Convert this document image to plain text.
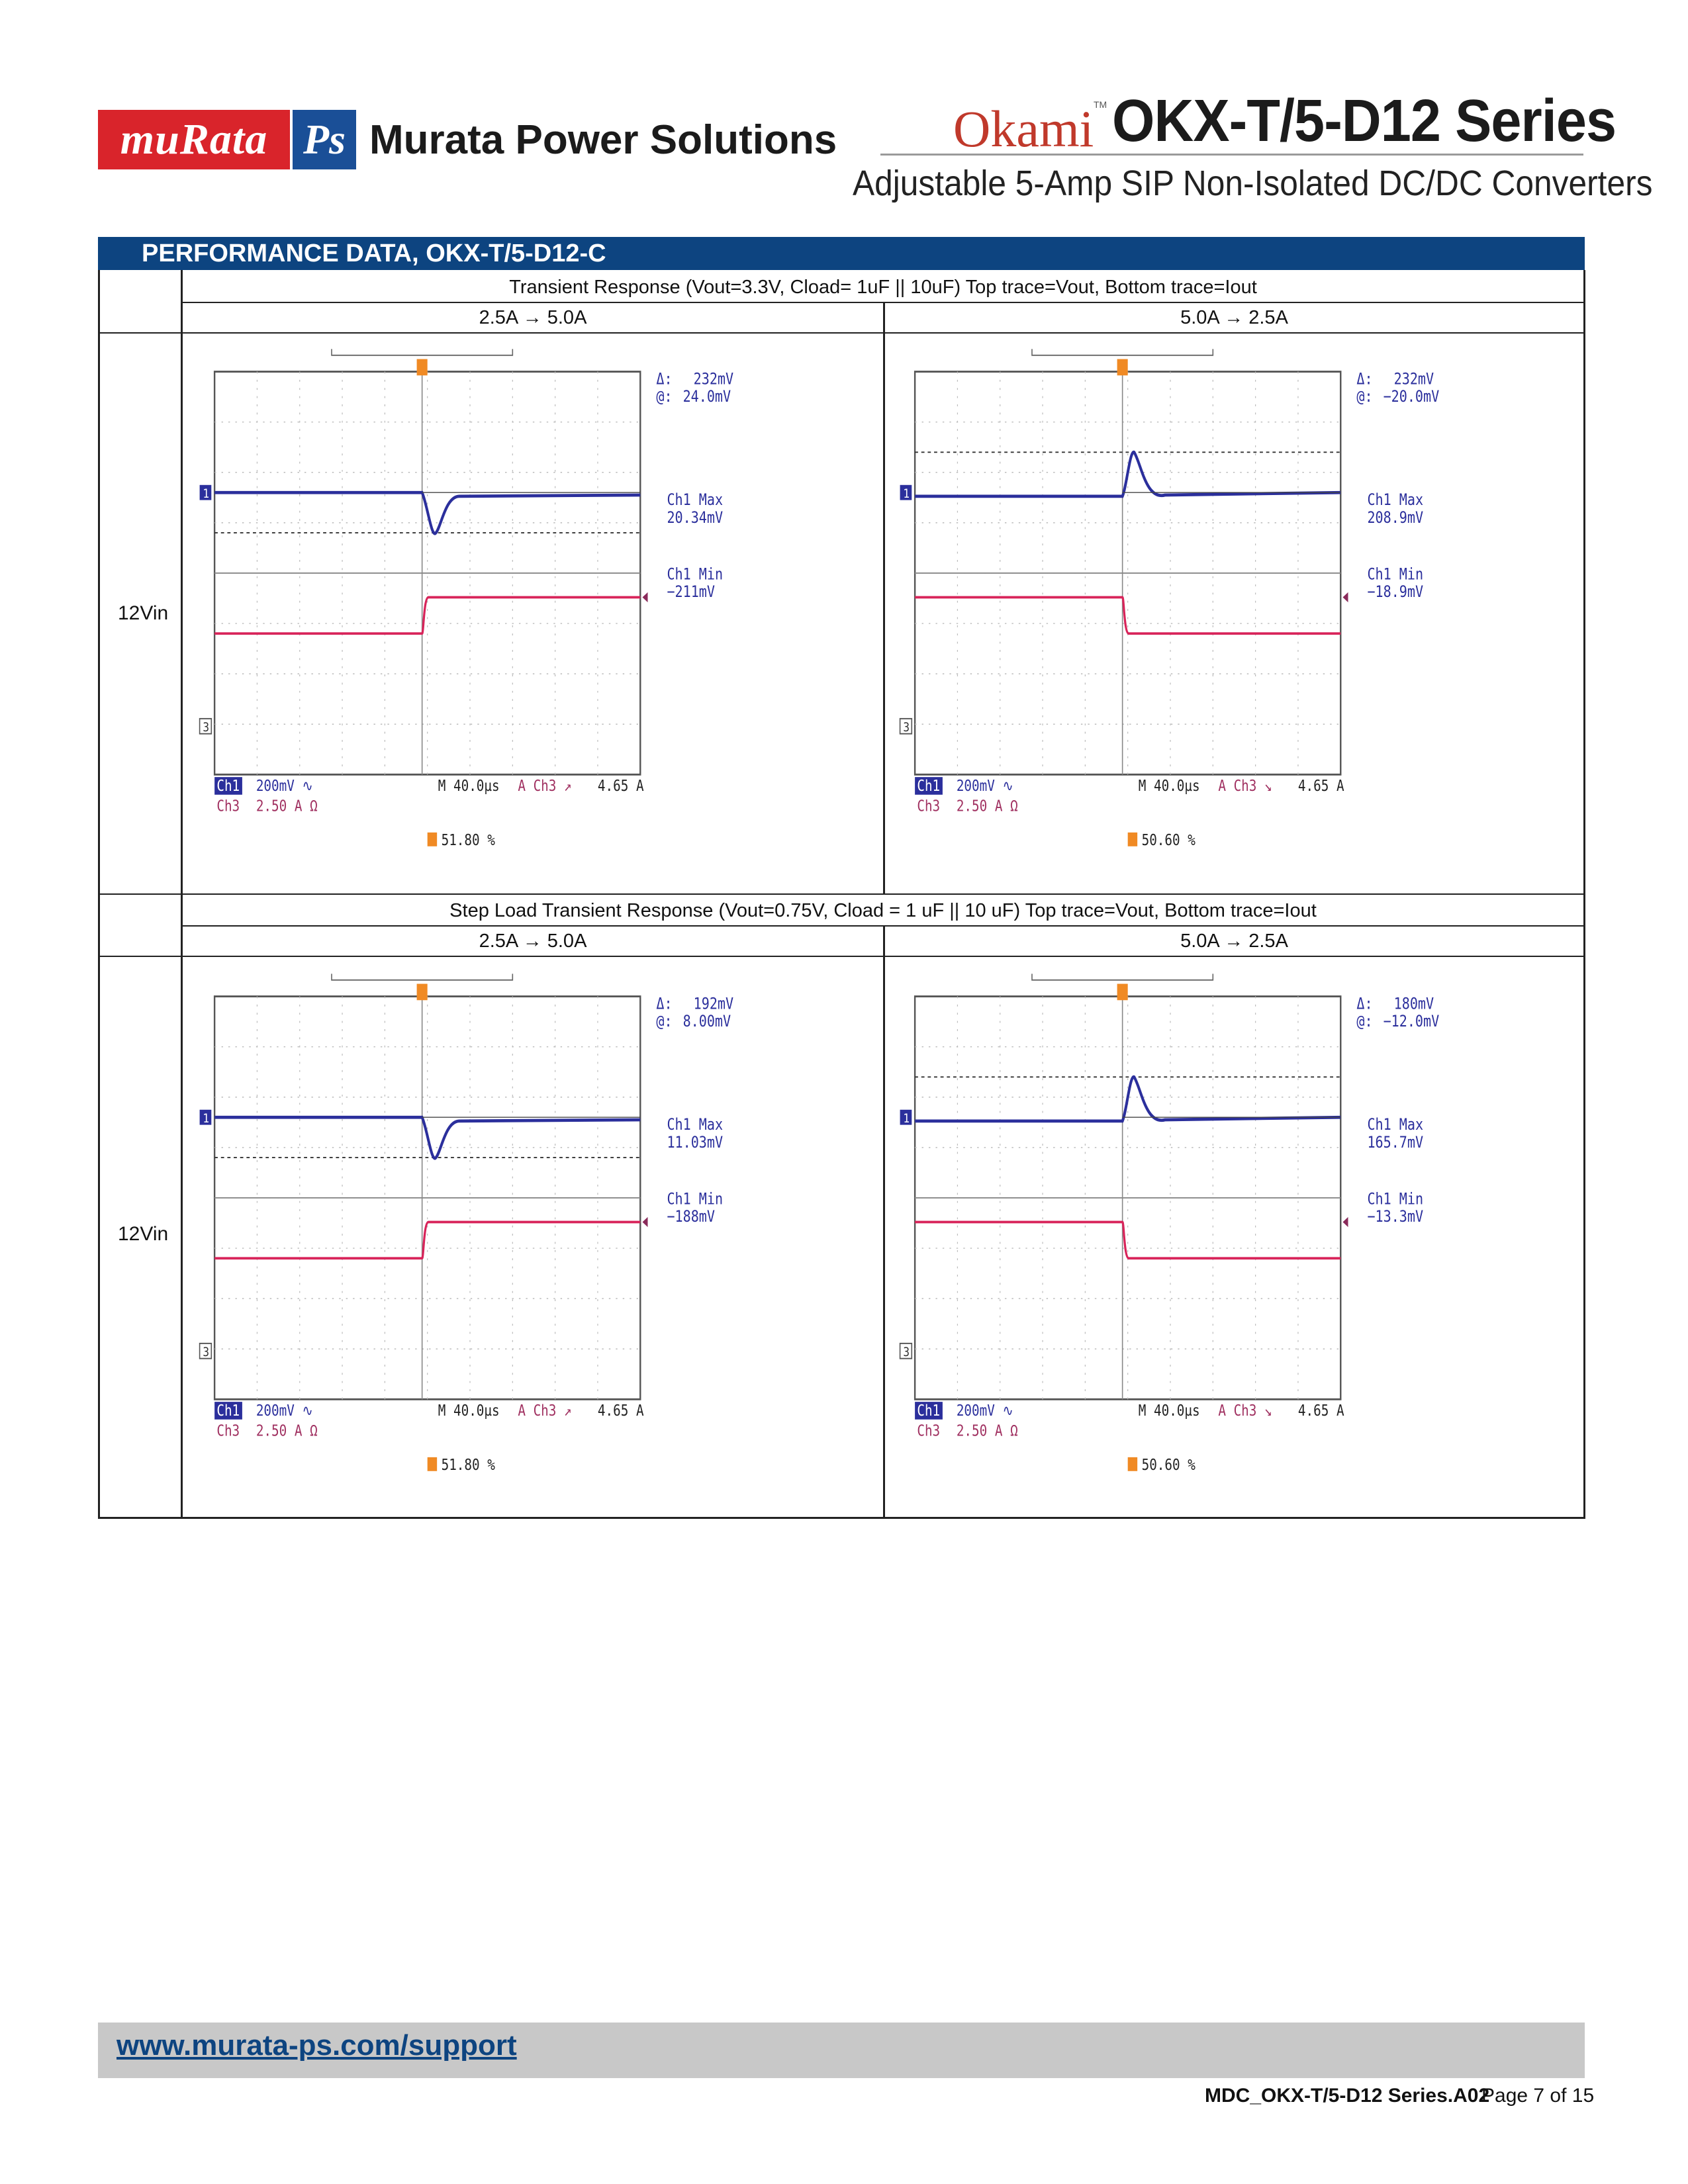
muRata Ps Murata Power Solutions Okami TM OKX-T/5-D12 Series
Adjustable 5-Amp SIP Non-Isolated DC/DC Converters
PERFORMANCE DATA, OKX-T/5-D12-C
Transient Response (Vout=3.3V, Cload= 1uF || 10uF) Top trace=Vout, Bottom trace=Iout
2.5A → 5.0A	5.0A → 2.5A
12Vin
Step Load Transient Response (Vout=0.75V, Cload = 1 uF || 10 uF) Top trace=Vout, Bottom trace=Iout
2.5A → 5.0A	5.0A → 2.5A
12Vin
1
3
Δ: 232mV
@: 24.0mV
Ch1 Max
20.34mV
Ch1 Min
−211mV
Ch1 200mV ∿
Ch3 2.50 A Ω
M 40.0µs A Ch3 ↗ 4.65 A
51.80 %
1
3
Δ: 232mV
@: −20.0mV
Ch1 Max
208.9mV
Ch1 Min
−18.9mV
Ch1 200mV ∿
Ch3 2.50 A Ω
M 40.0µs A Ch3 ↘ 4.65 A
50.60 %
1
3
Δ: 192mV
@: 8.00mV
Ch1 Max
11.03mV
Ch1 Min
−188mV
Ch1 200mV ∿
Ch3 2.50 A Ω
M 40.0µs A Ch3 ↗ 4.65 A
51.80 %
1
3
Δ: 180mV
@: −12.0mV
Ch1 Max
165.7mV
Ch1 Min
−13.3mV
Ch1 200mV ∿
Ch3 2.50 A Ω
M 40.0µs A Ch3 ↘ 4.65 A
50.60 %
www.murata-ps.com/support
MDC_OKX-T/5-D12 Series.A02
Page 7 of 15
